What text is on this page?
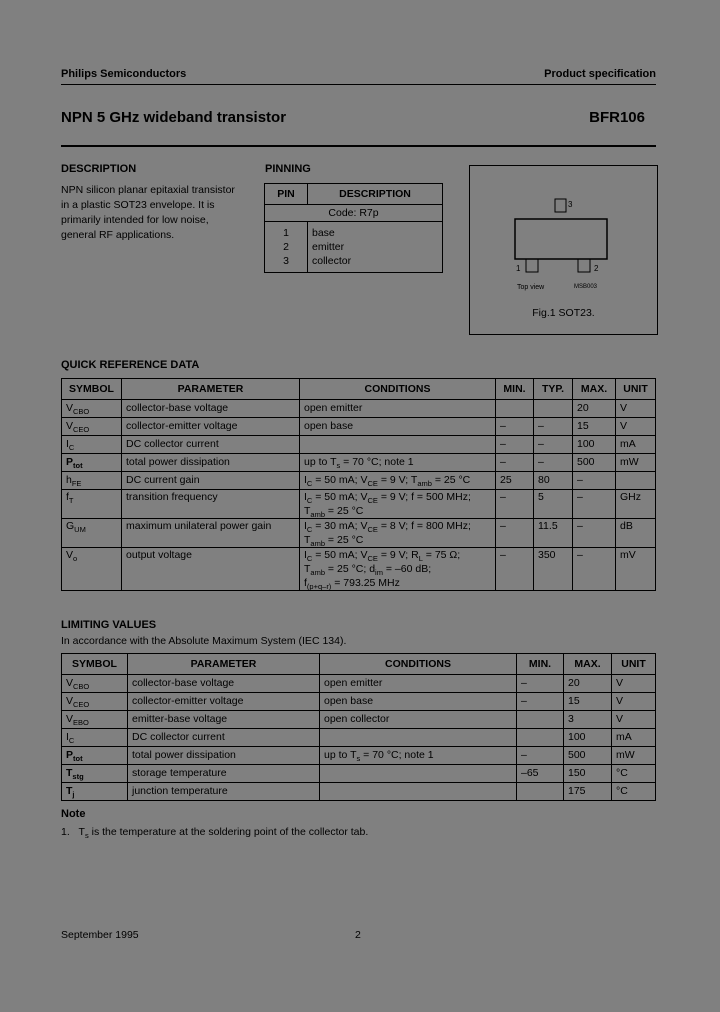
Philips Semiconductors	Product specification
NPN 5 GHz wideband transistor	BFR106
DESCRIPTION
NPN silicon planar epitaxial transistor
in a plastic SOT23 envelope. It is
primarily intended for low noise,
general RF applications.
PINNING
PIN	DESCRIPTION
Code: R7p	
1	base
2	emitter
3	collector
3
1	2
Top view	MSB003
Fig.1 SOT23.
QUICK REFERENCE DATA
SYMBOL	PARAMETER	CONDITIONS	MIN.	TYP.	MAX.	UNIT
$V_{CBO}$	collector-base voltage	open emitter			20	V
$V_{CEO}$	collector-emitter voltage	open base	–	–	15	V
$I_C$	DC collector current		–	–	100	mA
$P_{tot}$	total power dissipation	up to $T_s = 70$ °C; note 1	–	–	500	mW
$h_{FE}$	DC current gain	$I_C = 50$ mA; $V_{CE} = 9$ V; $T_{amb} = 25$ °C	25	80	–	
$f_T$	transition frequency	$I_C = 50$ mA; $V_{CE} = 9$ V; f = 500 MHz;
$T_{amb} = 25$ °C	–	5	–	GHz
$G_{UM}$	maximum unilateral power gain	$I_C = 30$ mA; $V_{CE} = 8$ V; f = 800 MHz;
$T_{amb} = 25$ °C	–	11.5	–	dB
$V_o$	output voltage	$I_C = 50$ mA; $V_{CE} = 9$ V; $R_L = 75$ Ω;
$T_{amb} = 25$ °C; $d_{im} = -60$ dB;
$f_{(p+q-r)} = 793.25$ MHz	–	350	–	mV
LIMITING VALUES
In accordance with the Absolute Maximum System (IEC 134).
SYMBOL	PARAMETER	CONDITIONS	MIN.	MAX.	UNIT
$V_{CBO}$	collector-base voltage	open emitter	–	20	V
$V_{CEO}$	collector-emitter voltage	open base	–	15	V
$V_{EBO}$	emitter-base voltage	open collector		3	V
$I_C$	DC collector current			100	mA
$P_{tot}$	total power dissipation	up to $T_s = 70$ °C; note 1	–	500	mW
$T_{stg}$	storage temperature		–65	150	°C
$T_j$	junction temperature			175	°C
Note
1. $T_s$ is the temperature at the soldering point of the collector tab.
September 1995	2
